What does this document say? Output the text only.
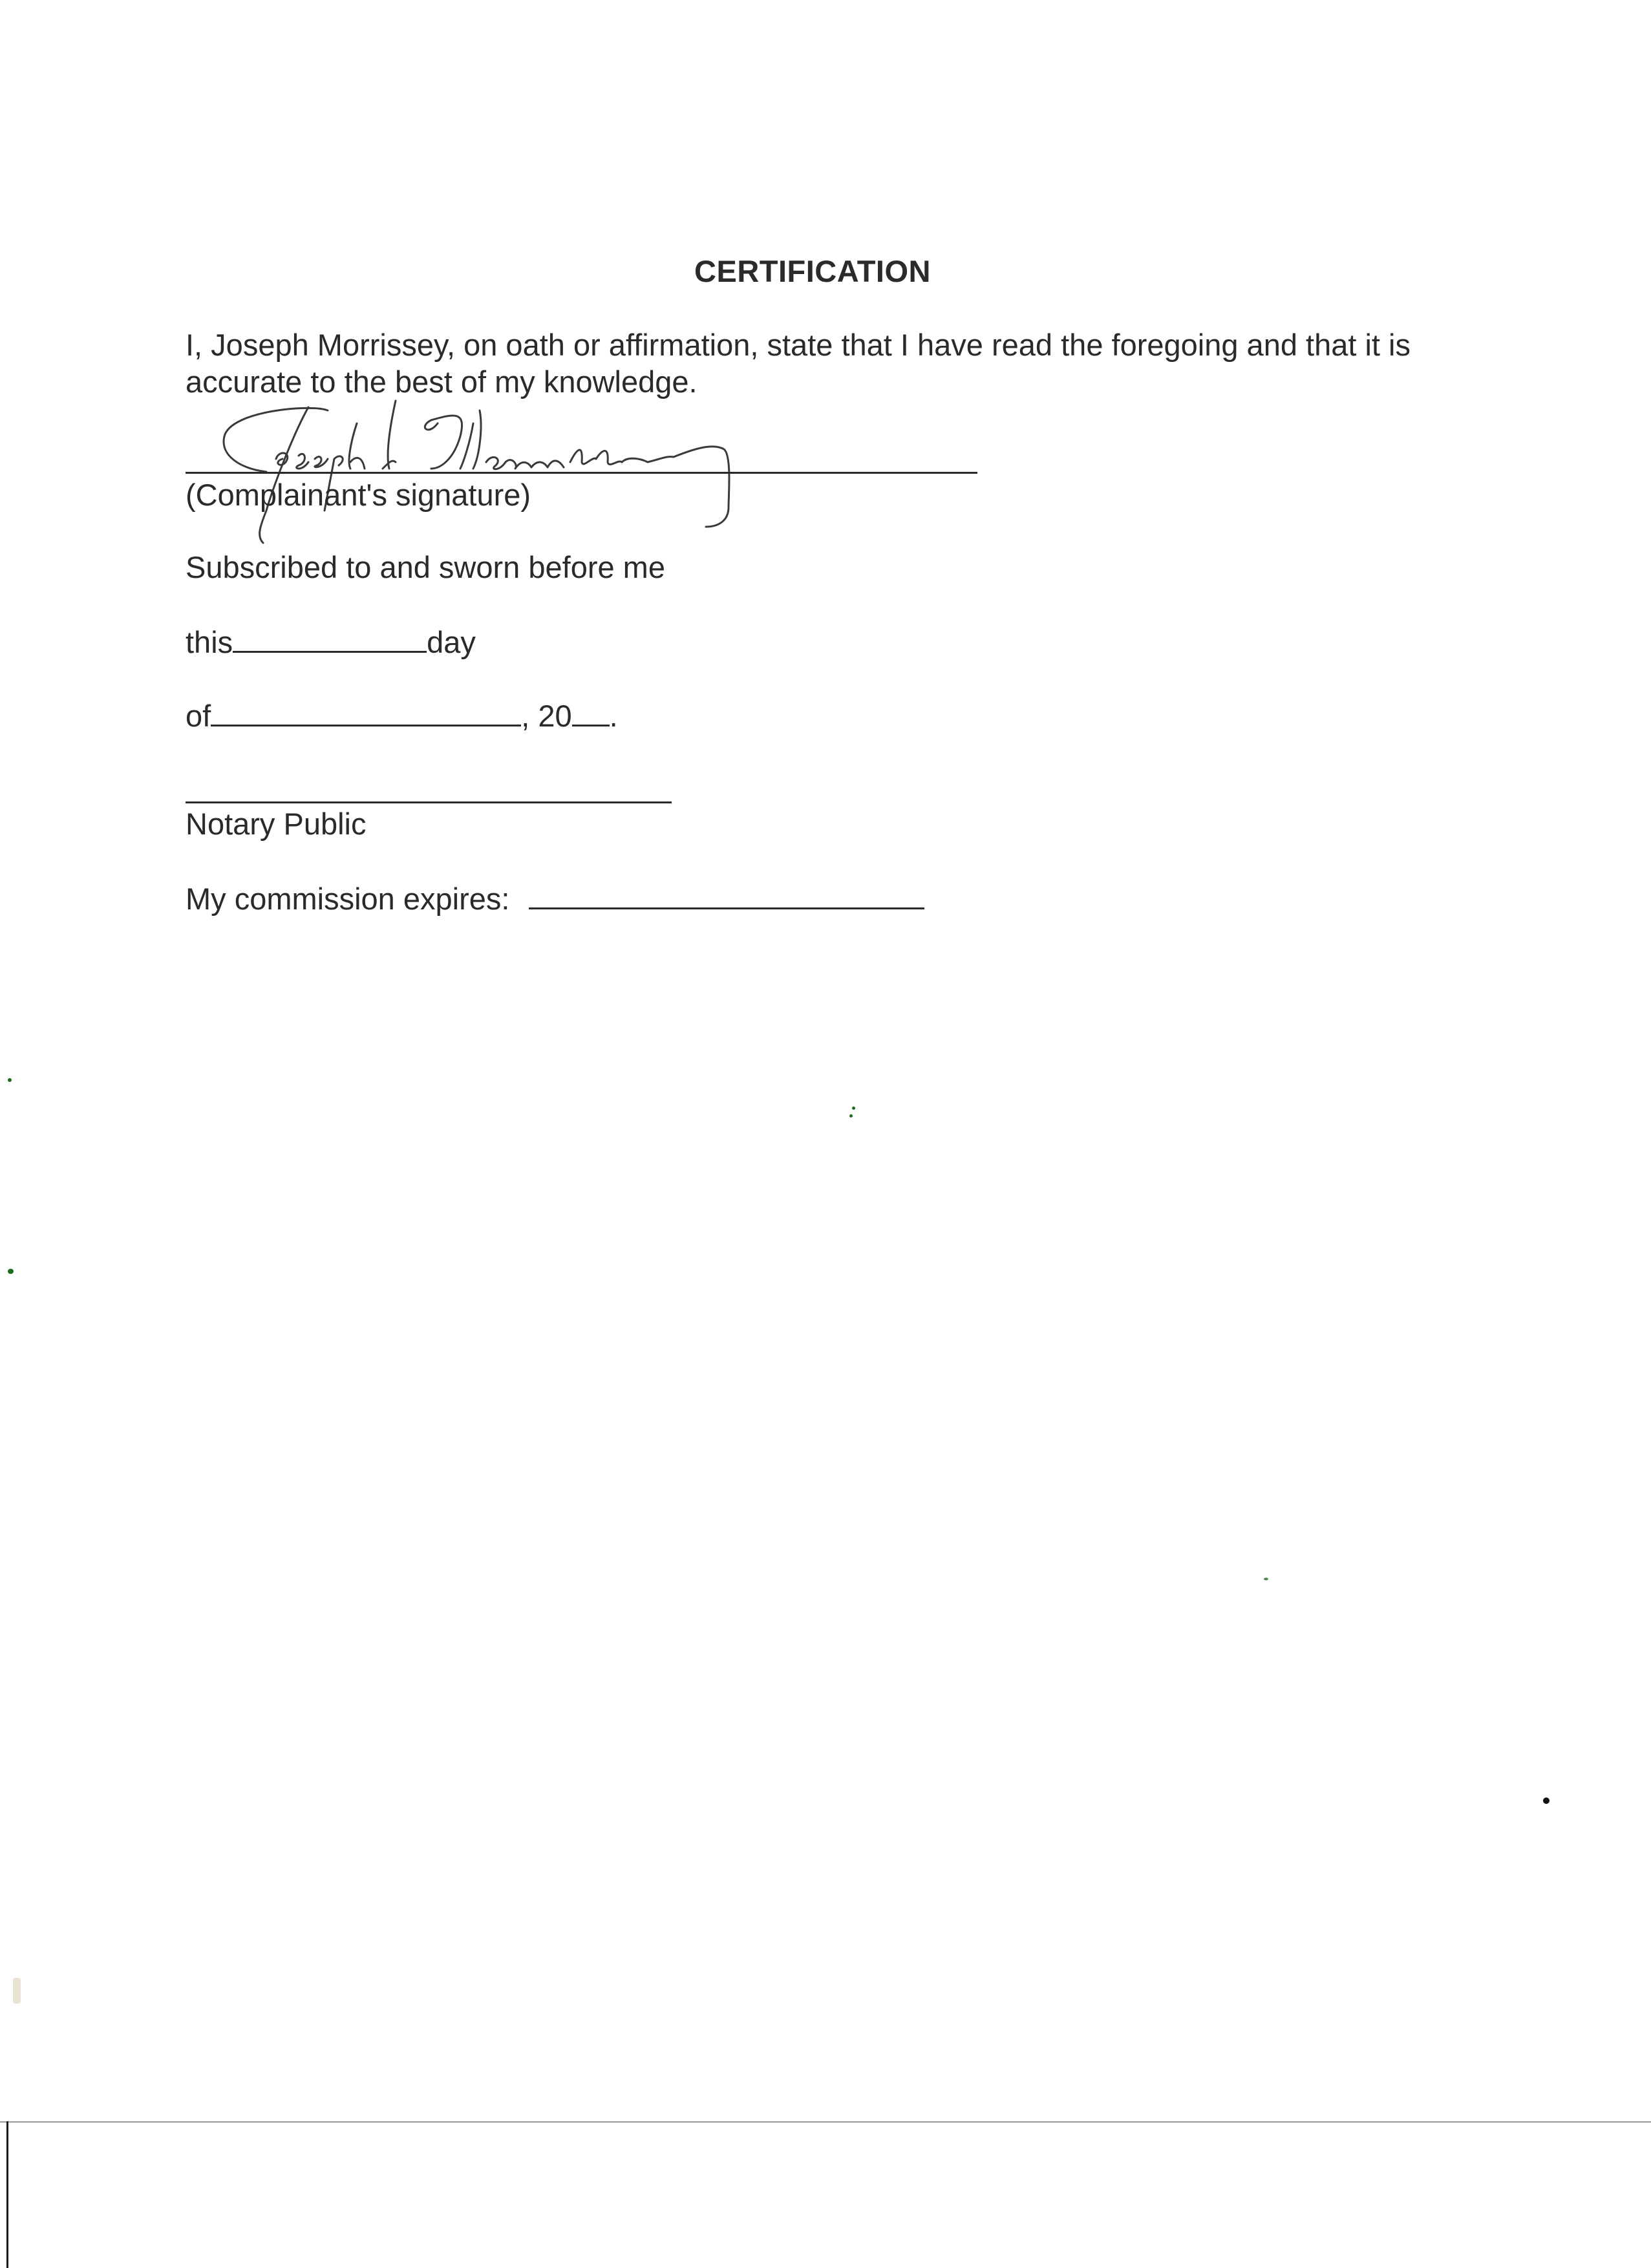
CERTIFICATION
I, Joseph Morrissey, on oath or affirmation, state that I have read the foregoing and that it is accurate to the best of my knowledge.
(Complainant's signature)
Subscribed to and sworn before me
this	day
of	, 20 .
Notary Public
My commission expires:
